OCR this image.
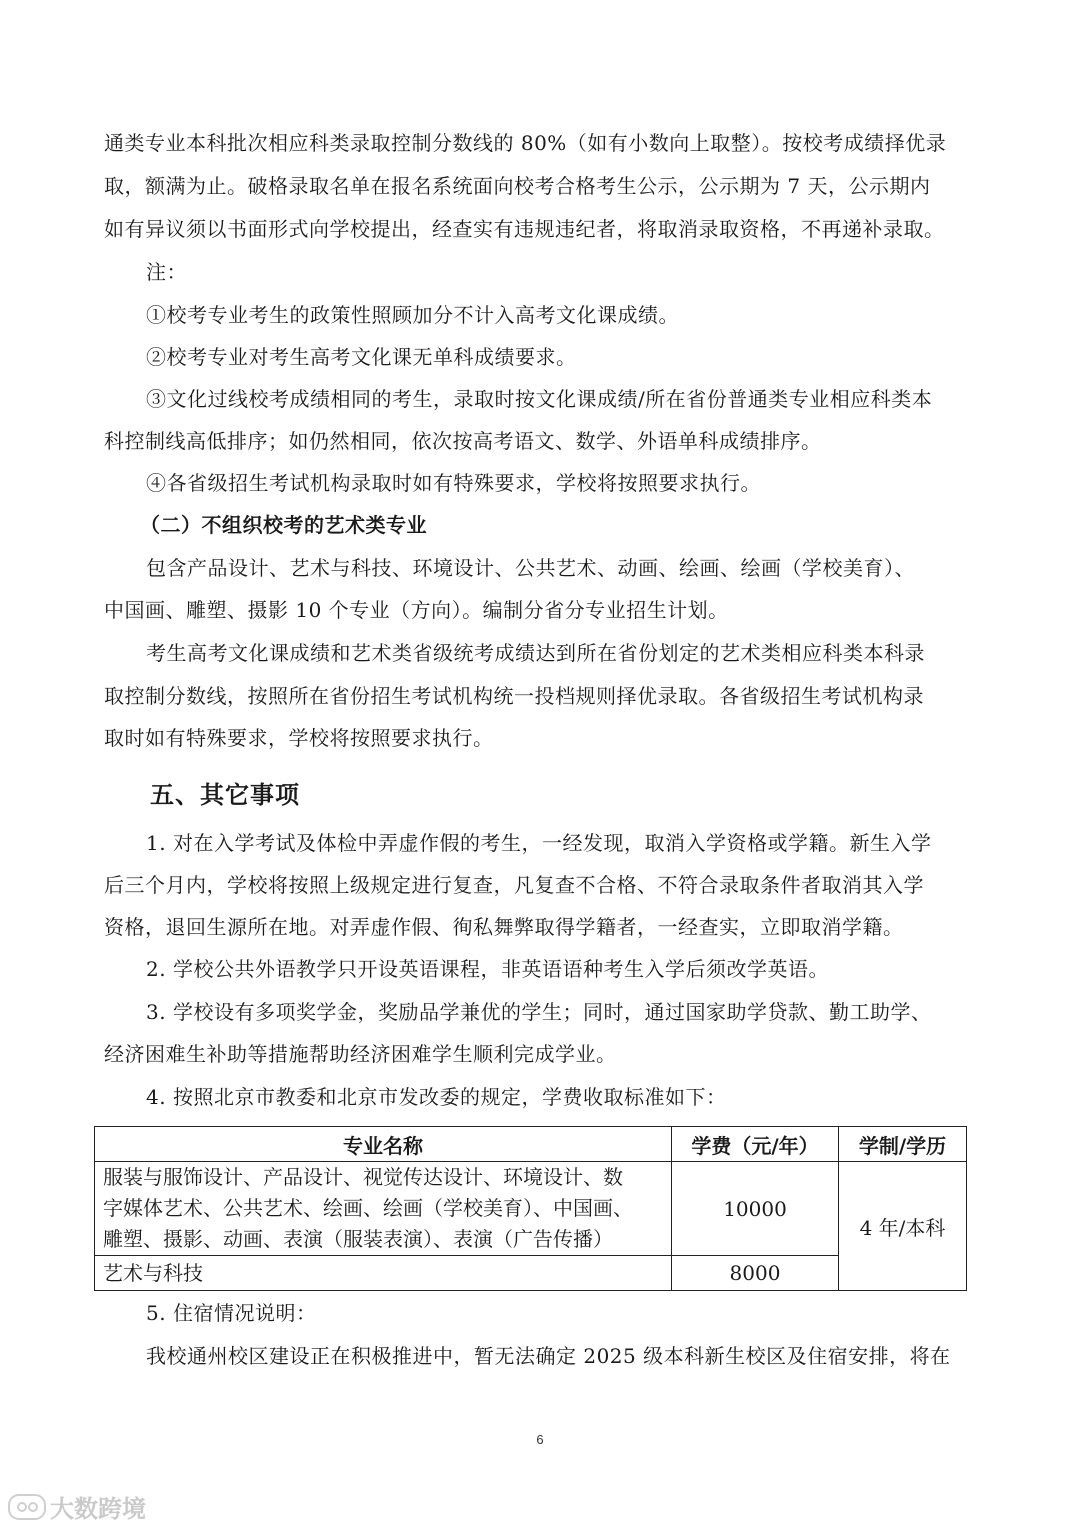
通类专业本科批次相应科类录取控制分数线的 80%（如有小数向上取整）。按校考成绩择优录
取，额满为止。破格录取名单在报名系统面向校考合格考生公示，公示期为 7 天，公示期内
如有异议须以书面形式向学校提出，经查实有违规违纪者，将取消录取资格，不再递补录取。
注：
①校考专业考生的政策性照顾加分不计入高考文化课成绩。
②校考专业对考生高考文化课无单科成绩要求。
③文化过线校考成绩相同的考生，录取时按文化课成绩/所在省份普通类专业相应科类本
科控制线高低排序；如仍然相同，依次按高考语文、数学、外语单科成绩排序。
④各省级招生考试机构录取时如有特殊要求，学校将按照要求执行。
（二）不组织校考的艺术类专业
包含产品设计、艺术与科技、环境设计、公共艺术、动画、绘画、绘画（学校美育）、
中国画、雕塑、摄影 10 个专业（方向）。编制分省分专业招生计划。
考生高考文化课成绩和艺术类省级统考成绩达到所在省份划定的艺术类相应科类本科录
取控制分数线，按照所在省份招生考试机构统一投档规则择优录取。各省级招生考试机构录
取时如有特殊要求，学校将按照要求执行。
五、其它事项
1. 对在入学考试及体检中弄虚作假的考生，一经发现，取消入学资格或学籍。新生入学
后三个月内，学校将按照上级规定进行复查，凡复查不合格、不符合录取条件者取消其入学
资格，退回生源所在地。对弄虚作假、徇私舞弊取得学籍者，一经查实，立即取消学籍。
2. 学校公共外语教学只开设英语课程，非英语语种考生入学后须改学英语。
3. 学校设有多项奖学金，奖励品学兼优的学生；同时，通过国家助学贷款、勤工助学、
经济困难生补助等措施帮助经济困难学生顺利完成学业。
4. 按照北京市教委和北京市发改委的规定，学费收取标准如下：
专业名称	学费（元/年）	学制/学历

服装与服饰设计、产品设计、视觉传达设计、环境设计、数
字媒体艺术、公共艺术、绘画、绘画（学校美育）、中国画、
雕塑、摄影、动画、表演（服装表演）、表演（广告传播）	10000	4 年/本科
艺术与科技	8000	
5. 住宿情况说明：
我校通州校区建设正在积极推进中，暂无法确定 2025 级本科新生校区及住宿安排，将在
6
大数跨境
